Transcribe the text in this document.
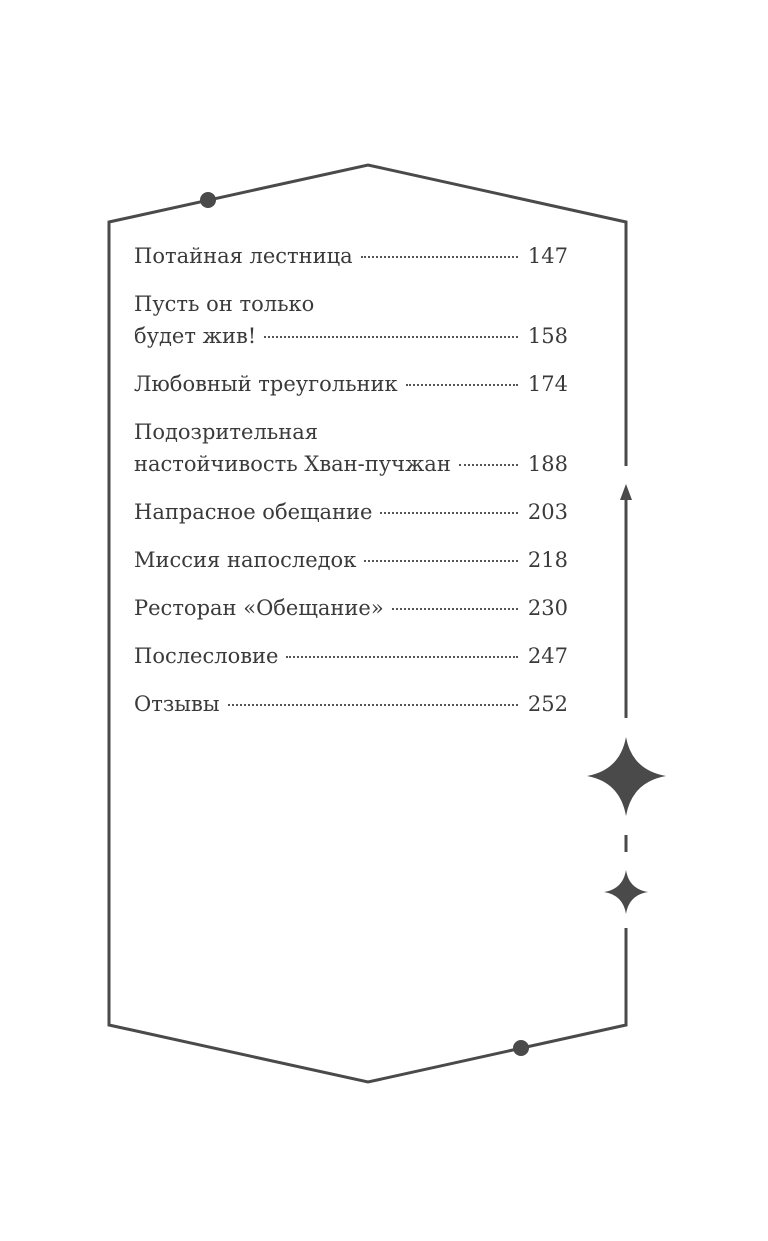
Потайная лестница	147
Пусть он только
будет жив!	158
Любовный треугольник	174
Подозрительная
настойчивость Хван-пучжан	188
Напрасное обещание	203
Миссия напоследок	218
Ресторан «Обещание»	230
Послесловие	247
Отзывы	252
